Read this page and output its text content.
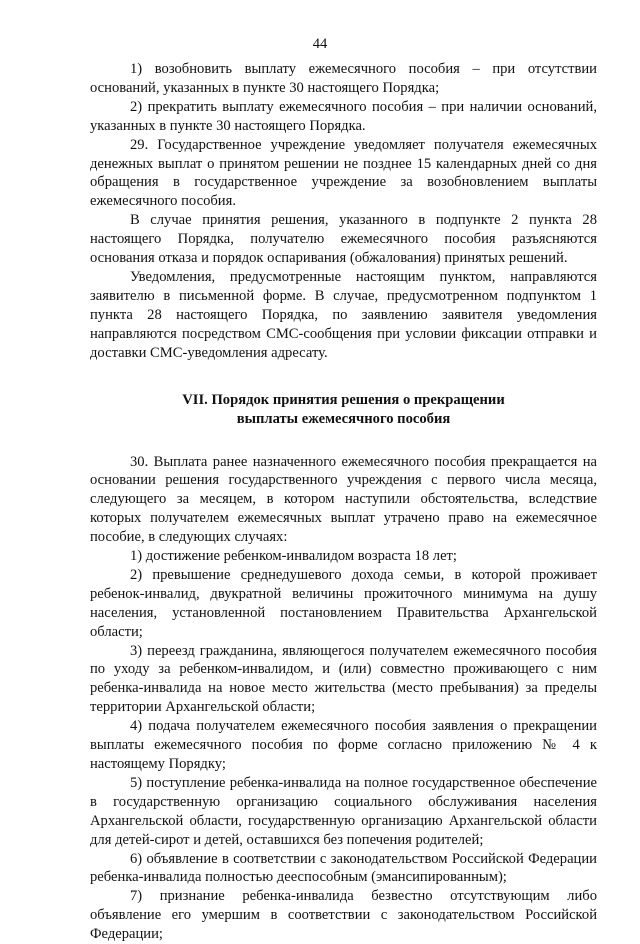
44

1) возобновить выплату ежемесячного пособия – при отсутствии оснований, указанных в пункте 30 настоящего Порядка;

2) прекратить выплату ежемесячного пособия – при наличии оснований, указанных в пункте 30 настоящего Порядка.

29. Государственное учреждение уведомляет получателя ежемесячных денежных выплат о принятом решении не позднее 15 календарных дней со дня обращения в государственное учреждение за возобновлением выплаты ежемесячного пособия.

В случае принятия решения, указанного в подпункте 2 пункта 28 настоящего Порядка, получателю ежемесячного пособия разъясняются основания отказа и порядок оспаривания (обжалования) принятых решений.

Уведомления, предусмотренные настоящим пунктом, направляются заявителю в письменной форме. В случае, предусмотренном подпунктом 1 пункта 28 настоящего Порядка, по заявлению заявителя уведомления направляются посредством СМС-сообщения при условии фиксации отправки и доставки СМС-уведомления адресату.

VII. Порядок принятия решения о прекращении
выплаты ежемесячного пособия

30. Выплата ранее назначенного ежемесячного пособия прекращается на основании решения государственного учреждения с первого числа месяца, следующего за месяцем, в котором наступили обстоятельства, вследствие которых получателем ежемесячных выплат утрачено право на ежемесячное пособие, в следующих случаях:

1) достижение ребенком-инвалидом возраста 18 лет;

2) превышение среднедушевого дохода семьи, в которой проживает ребенок-инвалид, двукратной величины прожиточного минимума на душу населения, установленной постановлением Правительства Архангельской области;

3) переезд гражданина, являющегося получателем ежемесячного пособия по уходу за ребенком-инвалидом, и (или) совместно проживающего с ним ребенка-инвалида на новое место жительства (место пребывания) за пределы территории Архангельской области;

4) подача получателем ежемесячного пособия заявления о прекращении выплаты ежемесячного пособия по форме согласно приложению № 4 к настоящему Порядку;

5) поступление ребенка-инвалида на полное государственное обеспечение в государственную организацию социального обслуживания населения Архангельской области, государственную организацию Архангельской области для детей-сирот и детей, оставшихся без попечения родителей;

6) объявление в соответствии с законодательством Российской Федерации ребенка-инвалида полностью дееспособным (эмансипированным);

7) признание ребенка-инвалида безвестно отсутствующим либо объявление его умершим в соответствии с законодательством Российской Федерации;
